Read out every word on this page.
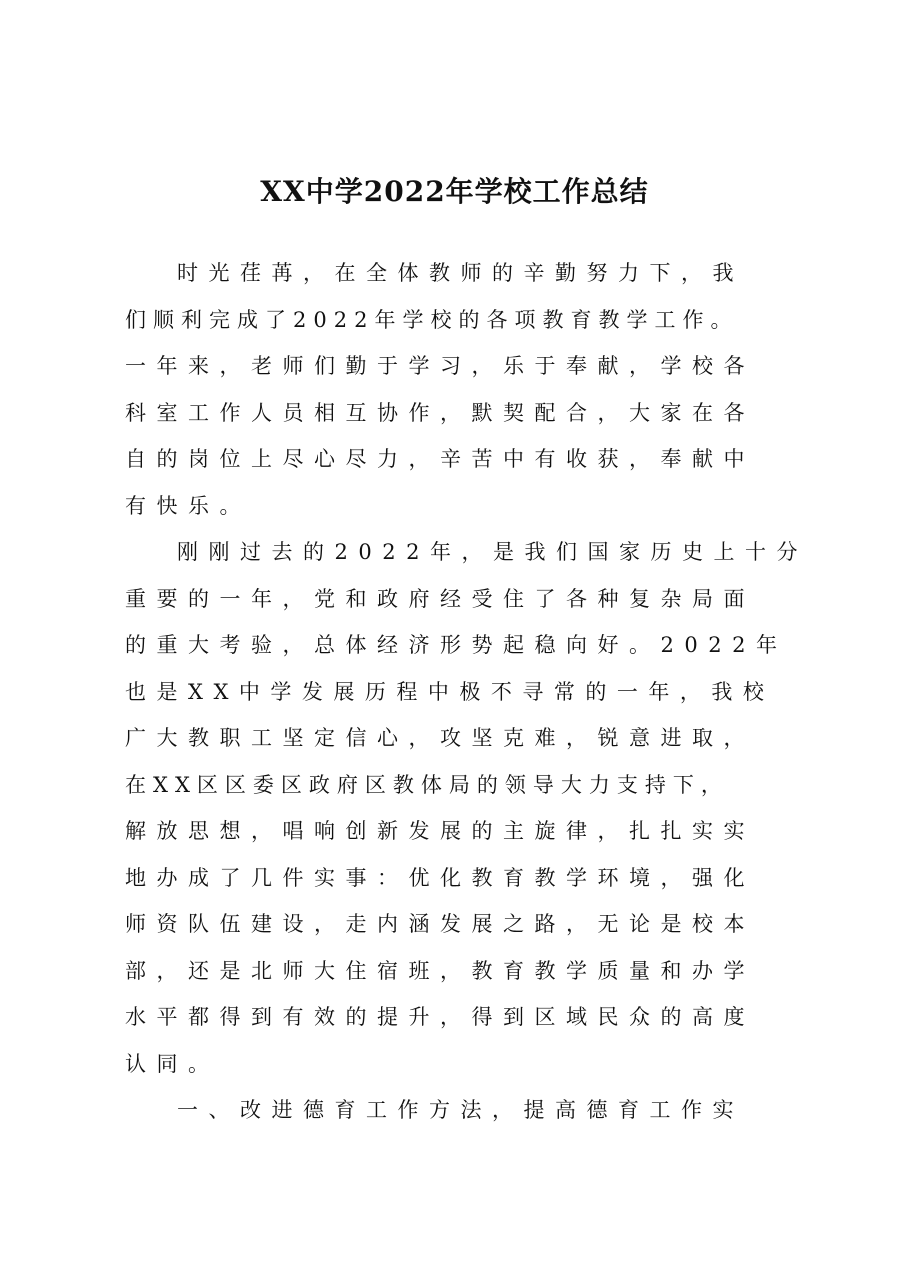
XX中学2022年学校工作总结
时光荏苒，在全体教师的辛勤努力下，我
们顺利完成了2022年学校的各项教育教学工作。
一年来，老师们勤于学习，乐于奉献，学校各
科室工作人员相互协作，默契配合，大家在各
自的岗位上尽心尽力，辛苦中有收获，奉献中
有快乐。
刚刚过去的2022年，是我们国家历史上十分
重要的一年，党和政府经受住了各种复杂局面
的重大考验，总体经济形势起稳向好。2022年
也是XX中学发展历程中极不寻常的一年，我校
广大教职工坚定信心，攻坚克难，锐意进取，
在XX区区委区政府区教体局的领导大力支持下，
解放思想，唱响创新发展的主旋律，扎扎实实
地办成了几件实事：优化教育教学环境，强化
师资队伍建设，走内涵发展之路，无论是校本
部，还是北师大住宿班，教育教学质量和办学
水平都得到有效的提升，得到区域民众的高度
认同。
一、改进德育工作方法，提高德育工作实
